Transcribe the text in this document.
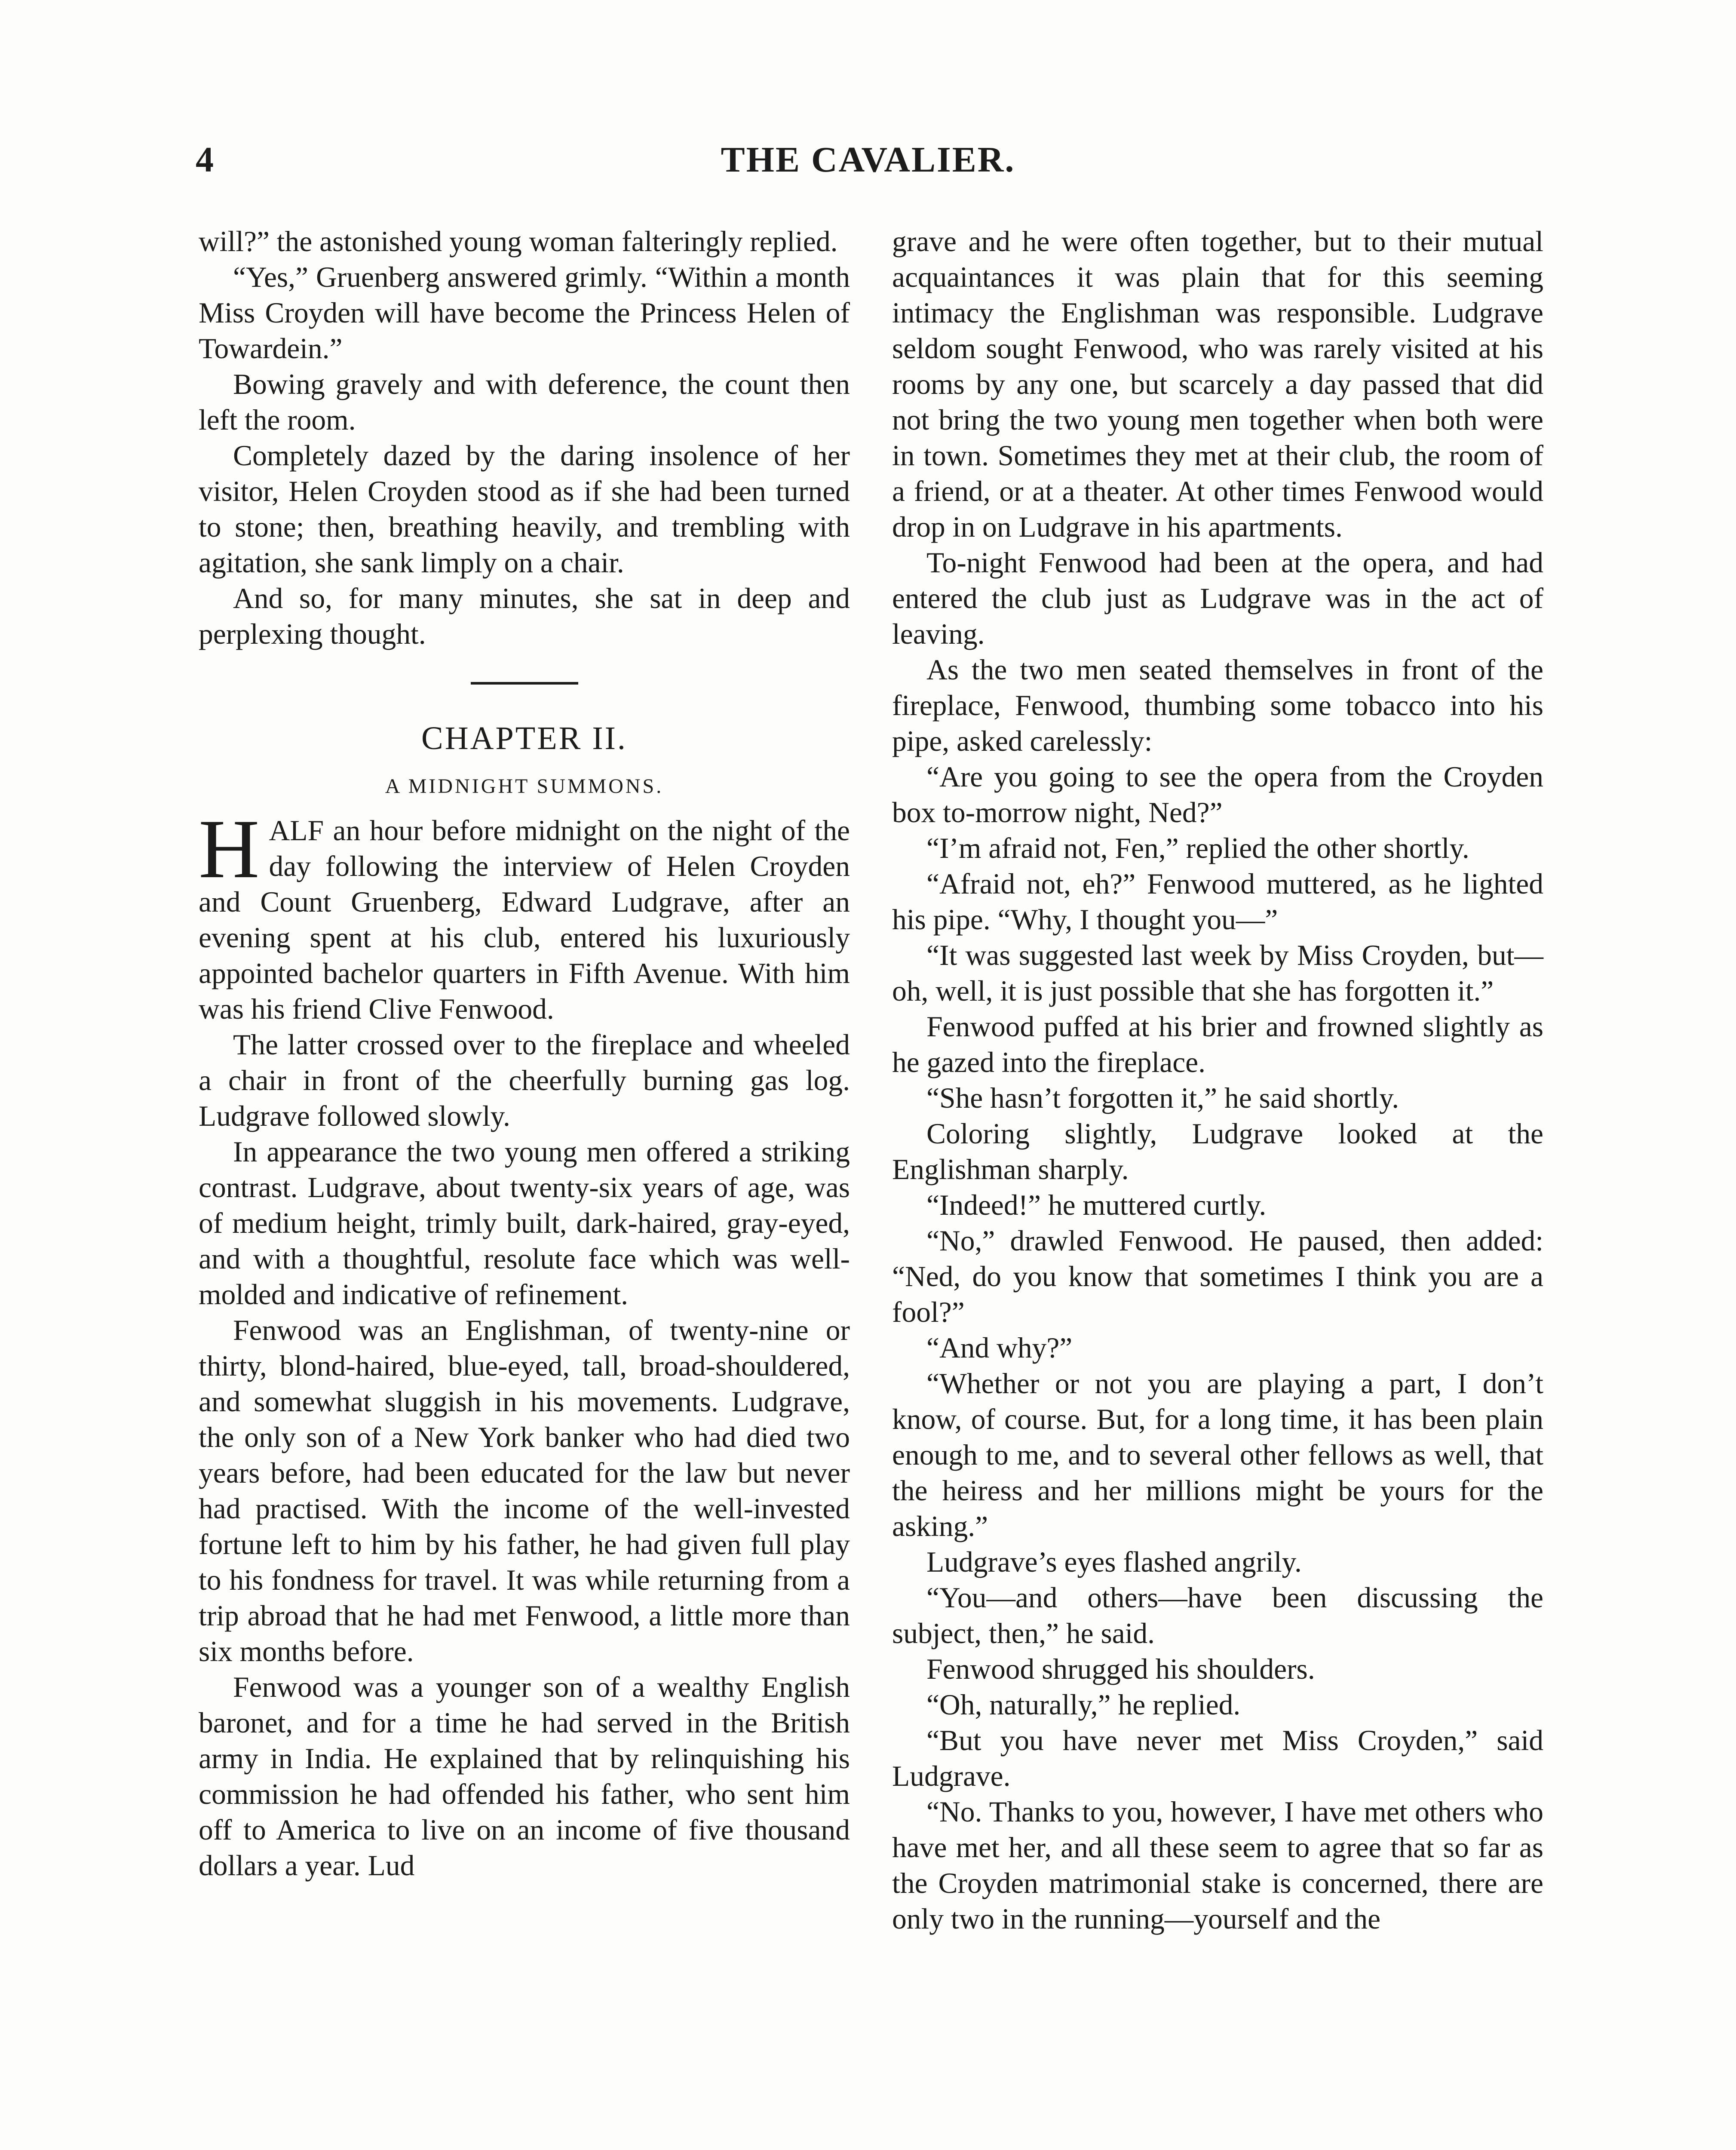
4	THE CAVALIER.

will?” the astonished young woman falteringly replied.

“Yes,” Gruenberg answered grimly. “Within a month Miss Croyden will have become the Princess Helen of Towardein.”

Bowing gravely and with deference, the count then left the room.

Completely dazed by the daring insolence of her visitor, Helen Croyden stood as if she had been turned to stone; then, breathing heavily, and trembling with agitation, she sank limply on a chair.

And so, for many minutes, she sat in deep and perplexing thought.

CHAPTER II.
A MIDNIGHT SUMMONS.

HALF an hour before midnight on the night of the day following the interview of Helen Croyden and Count Gruenberg, Edward Ludgrave, after an evening spent at his club, entered his luxuriously appointed bachelor quarters in Fifth Avenue. With him was his friend Clive Fenwood.

The latter crossed over to the fireplace and wheeled a chair in front of the cheerfully burning gas log. Ludgrave followed slowly.

In appearance the two young men offered a striking contrast. Ludgrave, about twenty-six years of age, was of medium height, trimly built, dark-haired, gray-eyed, and with a thoughtful, resolute face which was well-molded and indicative of refinement.

Fenwood was an Englishman, of twenty-nine or thirty, blond-haired, blue-eyed, tall, broad-shouldered, and somewhat sluggish in his movements. Ludgrave, the only son of a New York banker who had died two years before, had been educated for the law but never had practised. With the income of the well-invested fortune left to him by his father, he had given full play to his fondness for travel. It was while returning from a trip abroad that he had met Fenwood, a little more than six months before.

Fenwood was a younger son of a wealthy English baronet, and for a time he had served in the British army in India. He explained that by relinquishing his commission he had offended his father, who sent him off to America to live on an income of five thousand dollars a year. Lud

grave and he were often together, but to their mutual acquaintances it was plain that for this seeming intimacy the Englishman was responsible. Ludgrave seldom sought Fenwood, who was rarely visited at his rooms by any one, but scarcely a day passed that did not bring the two young men together when both were in town. Sometimes they met at their club, the room of a friend, or at a theater. At other times Fenwood would drop in on Ludgrave in his apartments.

To-night Fenwood had been at the opera, and had entered the club just as Ludgrave was in the act of leaving.

As the two men seated themselves in front of the fireplace, Fenwood, thumbing some tobacco into his pipe, asked carelessly:

“Are you going to see the opera from the Croyden box to-morrow night, Ned?”

“I’m afraid not, Fen,” replied the other shortly.

“Afraid not, eh?” Fenwood muttered, as he lighted his pipe. “Why, I thought you—”

“It was suggested last week by Miss Croyden, but—oh, well, it is just possible that she has forgotten it.”

Fenwood puffed at his brier and frowned slightly as he gazed into the fireplace.

“She hasn’t forgotten it,” he said shortly.

Coloring slightly, Ludgrave looked at the Englishman sharply.

“Indeed!” he muttered curtly.

“No,” drawled Fenwood. He paused, then added: “Ned, do you know that sometimes I think you are a fool?”

“And why?”

“Whether or not you are playing a part, I don’t know, of course. But, for a long time, it has been plain enough to me, and to several other fellows as well, that the heiress and her millions might be yours for the asking.”

Ludgrave’s eyes flashed angrily.

“You—and others—have been discussing the subject, then,” he said.

Fenwood shrugged his shoulders.

“Oh, naturally,” he replied.

“But you have never met Miss Croyden,” said Ludgrave.

“No. Thanks to you, however, I have met others who have met her, and all these seem to agree that so far as the Croyden matrimonial stake is concerned, there are only two in the running—yourself and the
